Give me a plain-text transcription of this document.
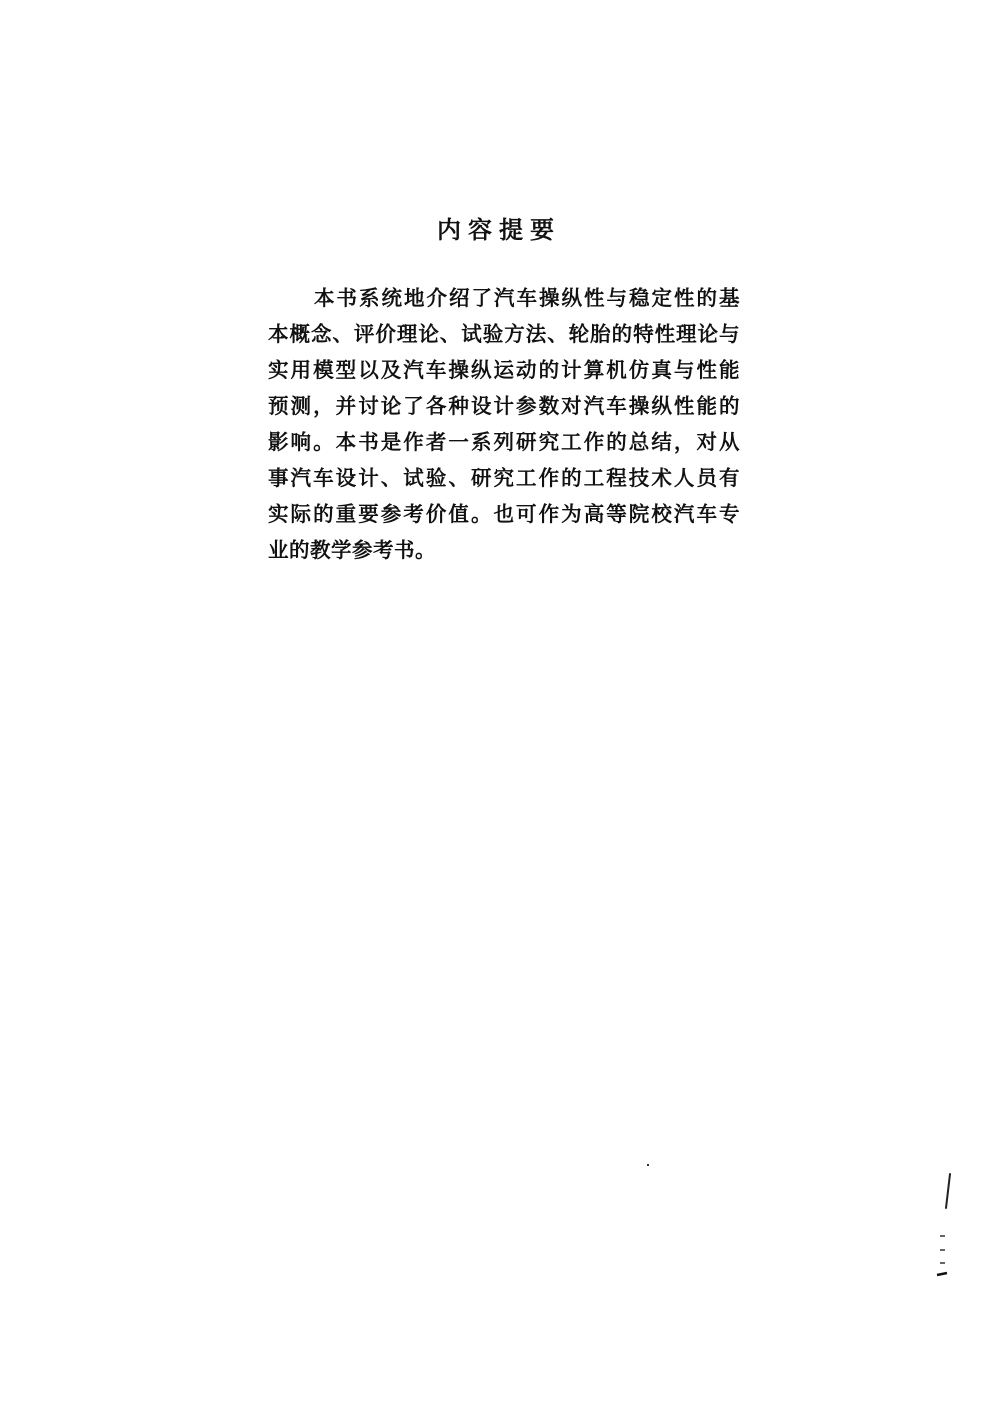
内容提要
本书系统地介绍了汽车操纵性与稳定性的基
本概念、评价理论、试验方法、轮胎的特性理论与
实用模型以及汽车操纵运动的计算机仿真与性能
预测，并讨论了各种设计参数对汽车操纵性能的
影响。本书是作者一系列研究工作的总结，对从
事汽车设计、试验、研究工作的工程技术人员有
实际的重要参考价值。也可作为高等院校汽车专
业的教学参考书。
